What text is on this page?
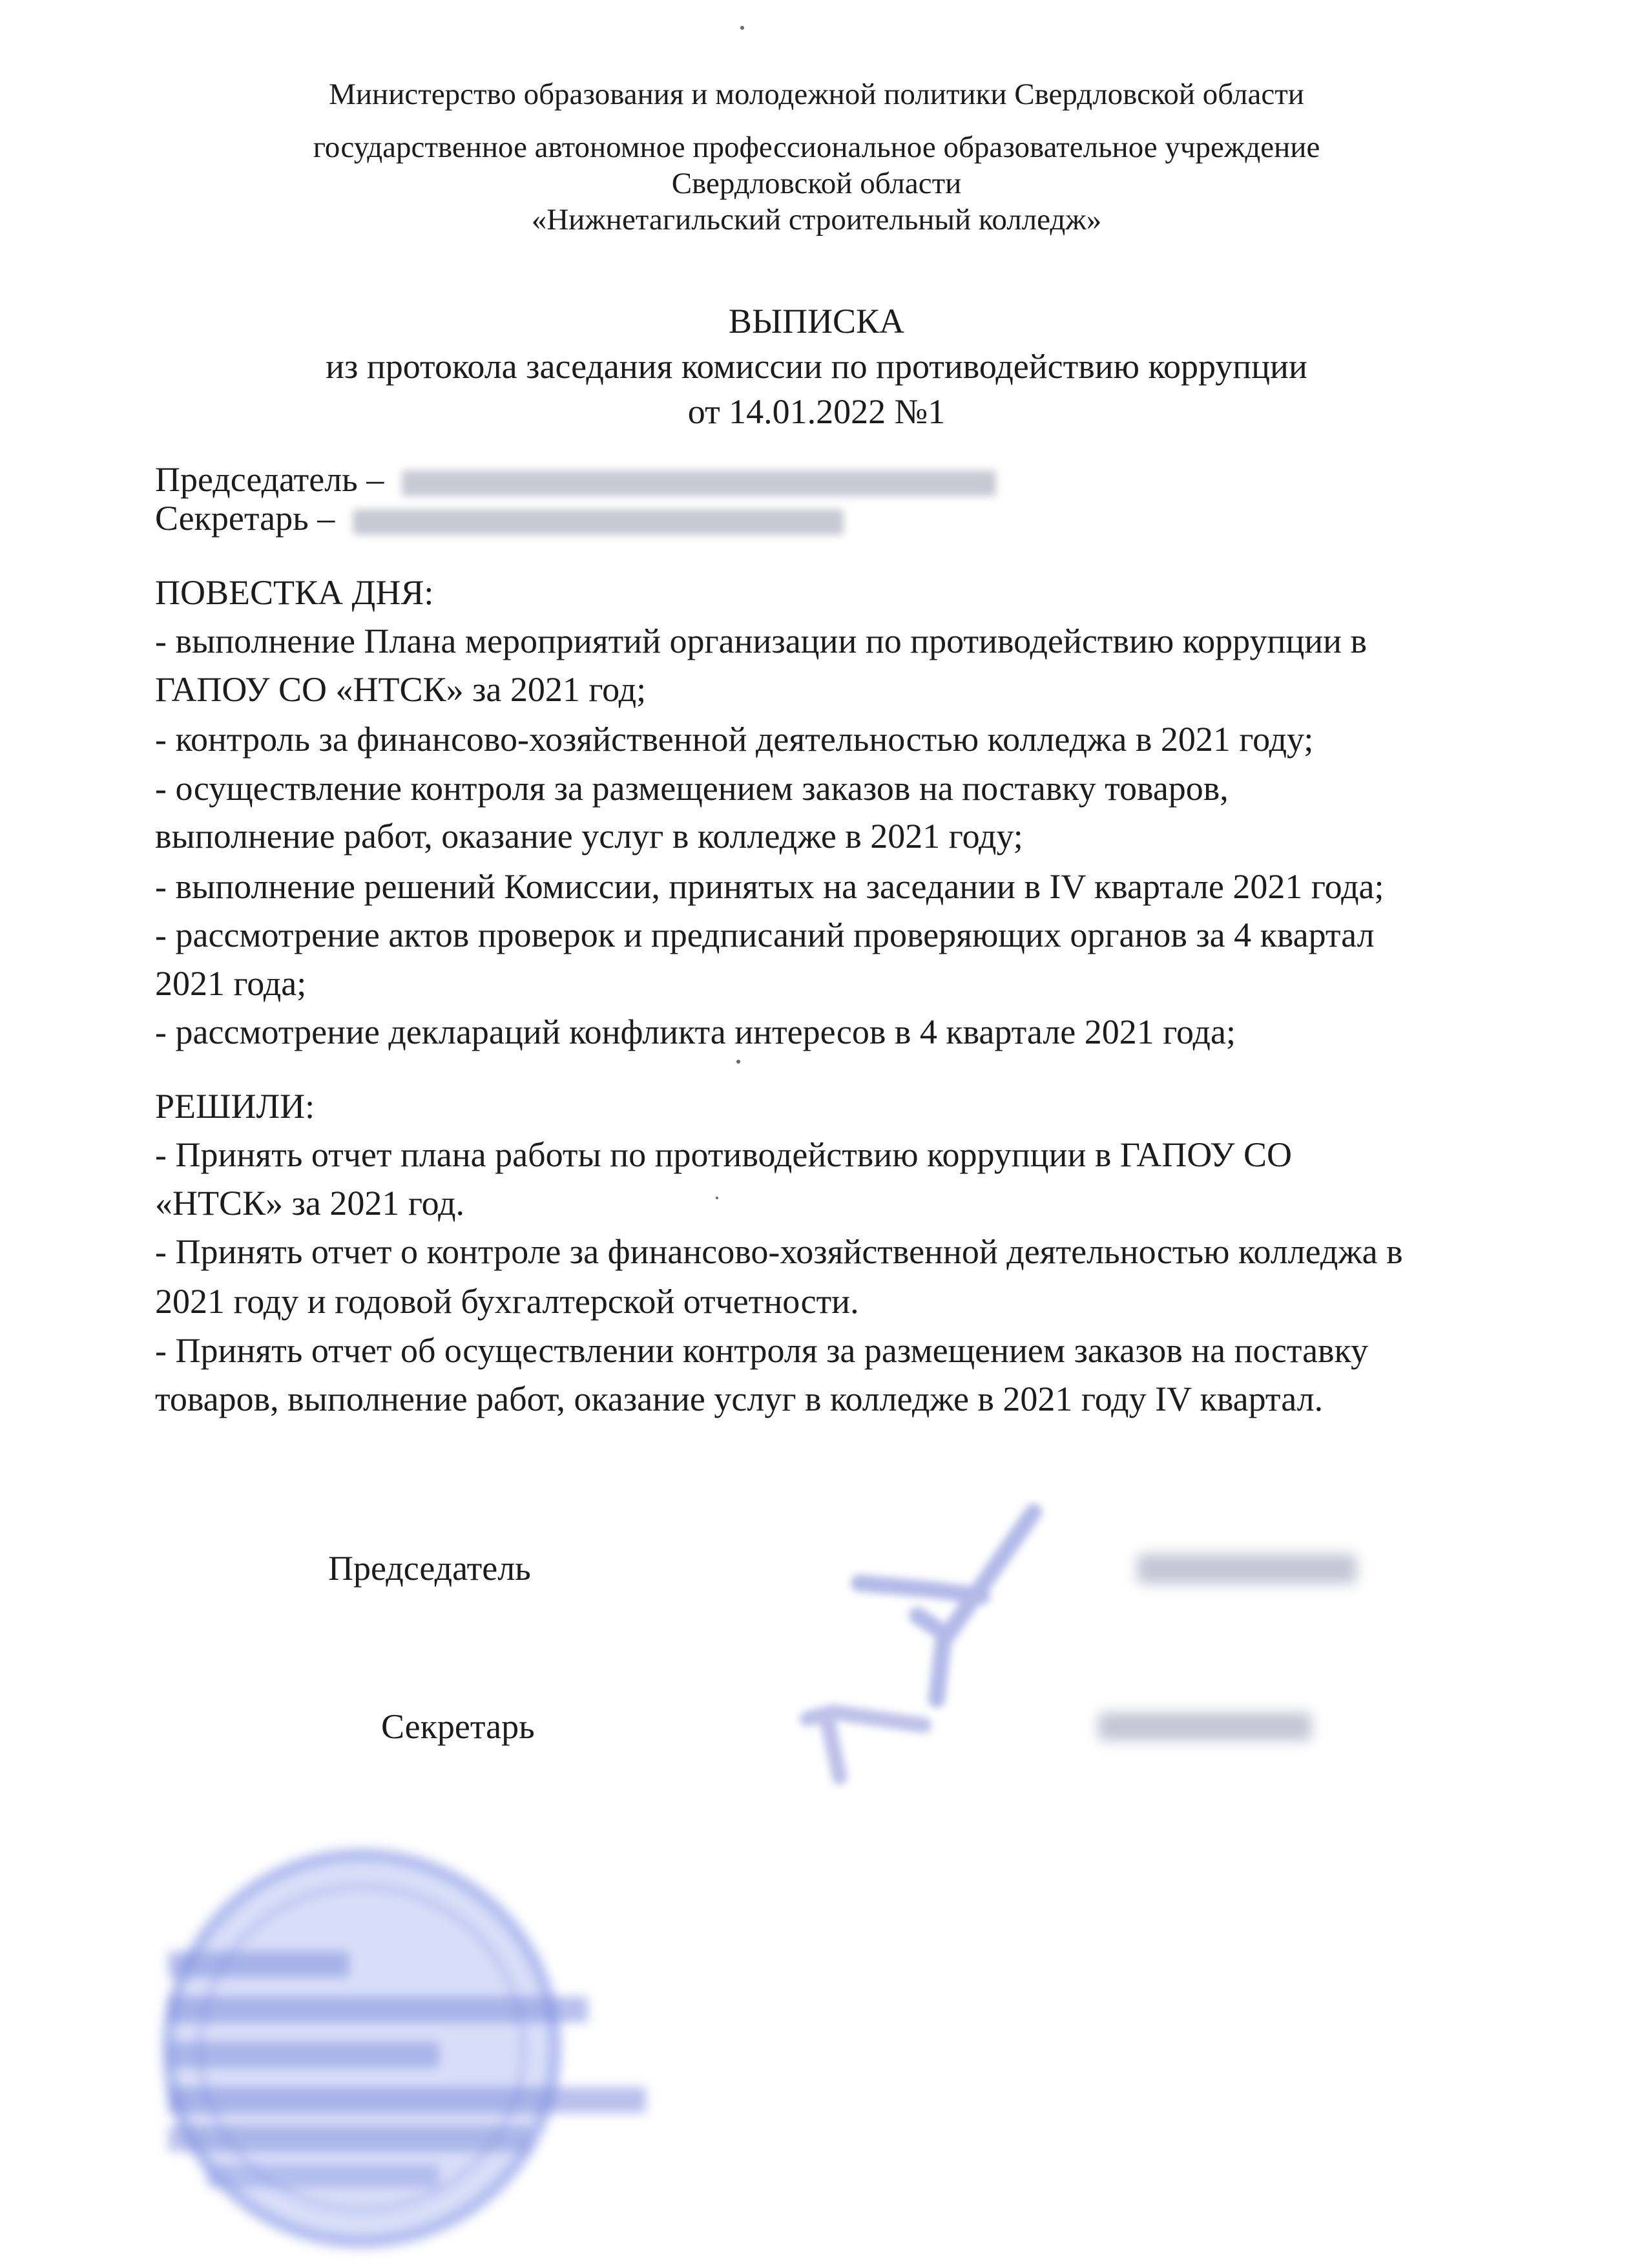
Министерство образования и молодежной политики Свердловской области
государственное автономное профессиональное образовательное учреждение
Свердловской области
«Нижнетагильский строительный колледж»
ВЫПИСКА
из протокола заседания комиссии по противодействию коррупции
от 14.01.2022 №1
Председатель –
Секретарь –
ПОВЕСТКА ДНЯ:
- выполнение Плана мероприятий организации по противодействию коррупции в
ГАПОУ СО «НТСК» за 2021 год;
- контроль за финансово-хозяйственной деятельностью колледжа в 2021 году;
- осуществление контроля за размещением заказов на поставку товаров,
выполнение работ, оказание услуг в колледже в 2021 году;
- выполнение решений Комиссии, принятых на заседании в IV квартале 2021 года;
- рассмотрение актов проверок и предписаний проверяющих органов за 4 квартал
2021 года;
- рассмотрение деклараций конфликта интересов в 4 квартале 2021 года;
РЕШИЛИ:
- Принять отчет плана работы по противодействию коррупции в ГАПОУ СО
«НТСК» за 2021 год.
- Принять отчет о контроле за финансово-хозяйственной деятельностью колледжа в
2021 году и годовой бухгалтерской отчетности.
- Принять отчет об осуществлении контроля за размещением заказов на поставку
товаров, выполнение работ, оказание услуг в колледже в 2021 году IV квартал.
Председатель
Секретарь
